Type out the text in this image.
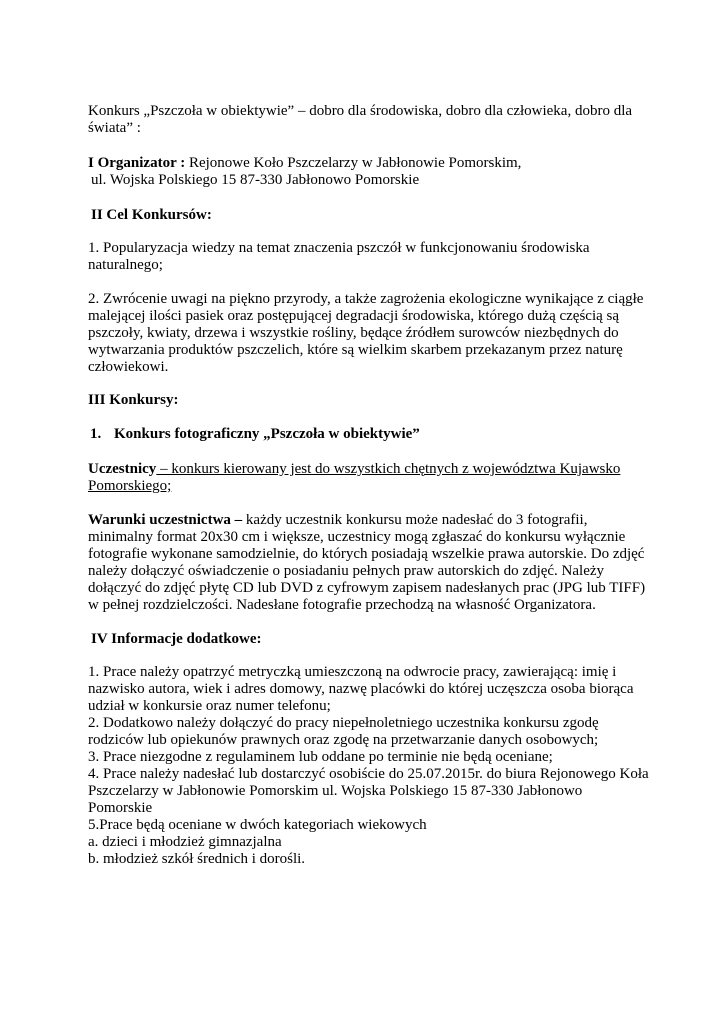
Konkurs „Pszczoła w obiektywie” – dobro dla środowiska, dobro dla człowieka, dobro dla
świata” :
I Organizator : Rejonowe Koło Pszczelarzy w Jabłonowie Pomorskim,
ul. Wojska Polskiego 15 87-330 Jabłonowo Pomorskie
II Cel Konkursów:
1. Popularyzacja wiedzy na temat znaczenia pszczół w funkcjonowaniu środowiska
naturalnego;
2. Zwrócenie uwagi na piękno przyrody, a także zagrożenia ekologiczne wynikające z ciągłe
malejącej ilości pasiek oraz postępującej degradacji środowiska, którego dużą częścią są
pszczoły, kwiaty, drzewa i wszystkie rośliny, będące źródłem surowców niezbędnych do
wytwarzania produktów pszczelich, które są wielkim skarbem przekazanym przez naturę
człowiekowi.
III Konkursy:
1. Konkurs fotograficzny „Pszczoła w obiektywie”
Uczestnicy – konkurs kierowany jest do wszystkich chętnych z województwa Kujawsko
Pomorskiego;
Warunki uczestnictwa – każdy uczestnik konkursu może nadesłać do 3 fotografii,
minimalny format 20x30 cm i większe, uczestnicy mogą zgłaszać do konkursu wyłącznie
fotografie wykonane samodzielnie, do których posiadają wszelkie prawa autorskie. Do zdjęć
należy dołączyć oświadczenie o posiadaniu pełnych praw autorskich do zdjęć. Należy
dołączyć do zdjęć płytę CD lub DVD z cyfrowym zapisem nadesłanych prac (JPG lub TIFF)
w pełnej rozdzielczości. Nadesłane fotografie przechodzą na własność Organizatora.
IV Informacje dodatkowe:
1. Prace należy opatrzyć metryczką umieszczoną na odwrocie pracy, zawierającą: imię i
nazwisko autora, wiek i adres domowy, nazwę placówki do której uczęszcza osoba biorąca
udział w konkursie oraz numer telefonu;
2. Dodatkowo należy dołączyć do pracy niepełnoletniego uczestnika konkursu zgodę
rodziców lub opiekunów prawnych oraz zgodę na przetwarzanie danych osobowych;
3. Prace niezgodne z regulaminem lub oddane po terminie nie będą oceniane;
4. Prace należy nadesłać lub dostarczyć osobiście do 25.07.2015r. do biura Rejonowego Koła
Pszczelarzy w Jabłonowie Pomorskim ul. Wojska Polskiego 15 87-330 Jabłonowo
Pomorskie
5.Prace będą oceniane w dwóch kategoriach wiekowych
a. dzieci i młodzież gimnazjalna
b. młodzież szkół średnich i dorośli.
